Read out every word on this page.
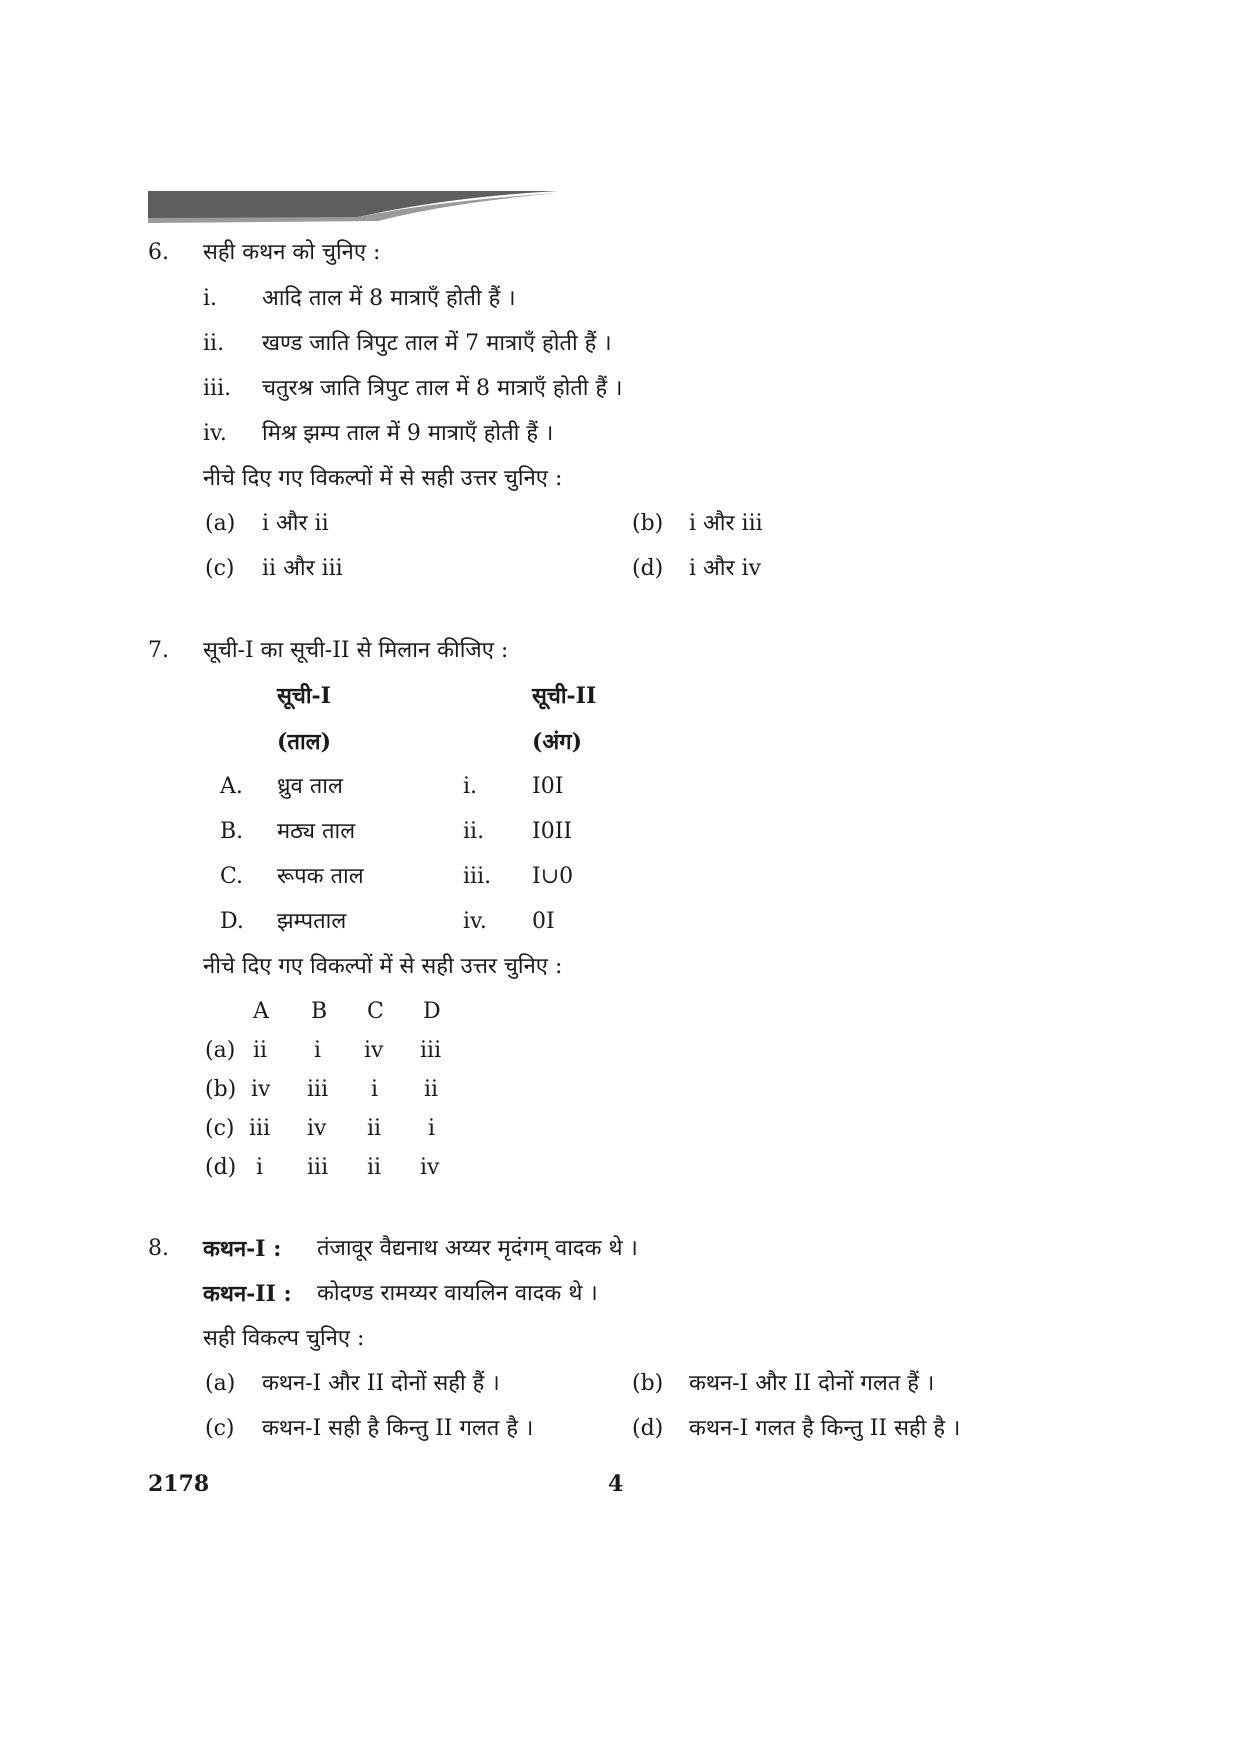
6. सही कथन को चुनिए :
i. आदि ताल में 8 मात्राएँ होती हैं ।
ii. खण्ड जाति त्रिपुट ताल में 7 मात्राएँ होती हैं ।
iii. चतुरश्र जाति त्रिपुट ताल में 8 मात्राएँ होती हैं ।
iv. मिश्र झम्प ताल में 9 मात्राएँ होती हैं ।
नीचे दिए गए विकल्पों में से सही उत्तर चुनिए :
(a) i और ii	(b) i और iii
(c) ii और iii	(d) i और iv
7. सूची-I का सूची-II से मिलान कीजिए :
सूची-I	सूची-II
(ताल)	(अंग)
A. ध्रुव ताल	i. I0I
B. मठ्य ताल	ii. I0II
C. रूपक ताल	iii. I∪0
D. झम्पताल	iv. 0I
नीचे दिए गए विकल्पों में से सही उत्तर चुनिए :
A B C D
(a) ii i iv iii
(b) iv iii i ii
(c) iii iv ii i
(d) i iii ii iv
8. कथन-I : तंजावूर वैद्यनाथ अय्यर मृदंगम् वादक थे ।
कथन-II : कोदण्ड रामय्यर वायलिन वादक थे ।
सही विकल्प चुनिए :
(a) कथन-I और II दोनों सही हैं ।	(b) कथन-I और II दोनों गलत हैं ।
(c) कथन-I सही है किन्तु II गलत है ।	(d) कथन-I गलत है किन्तु II सही है ।
2178	4
